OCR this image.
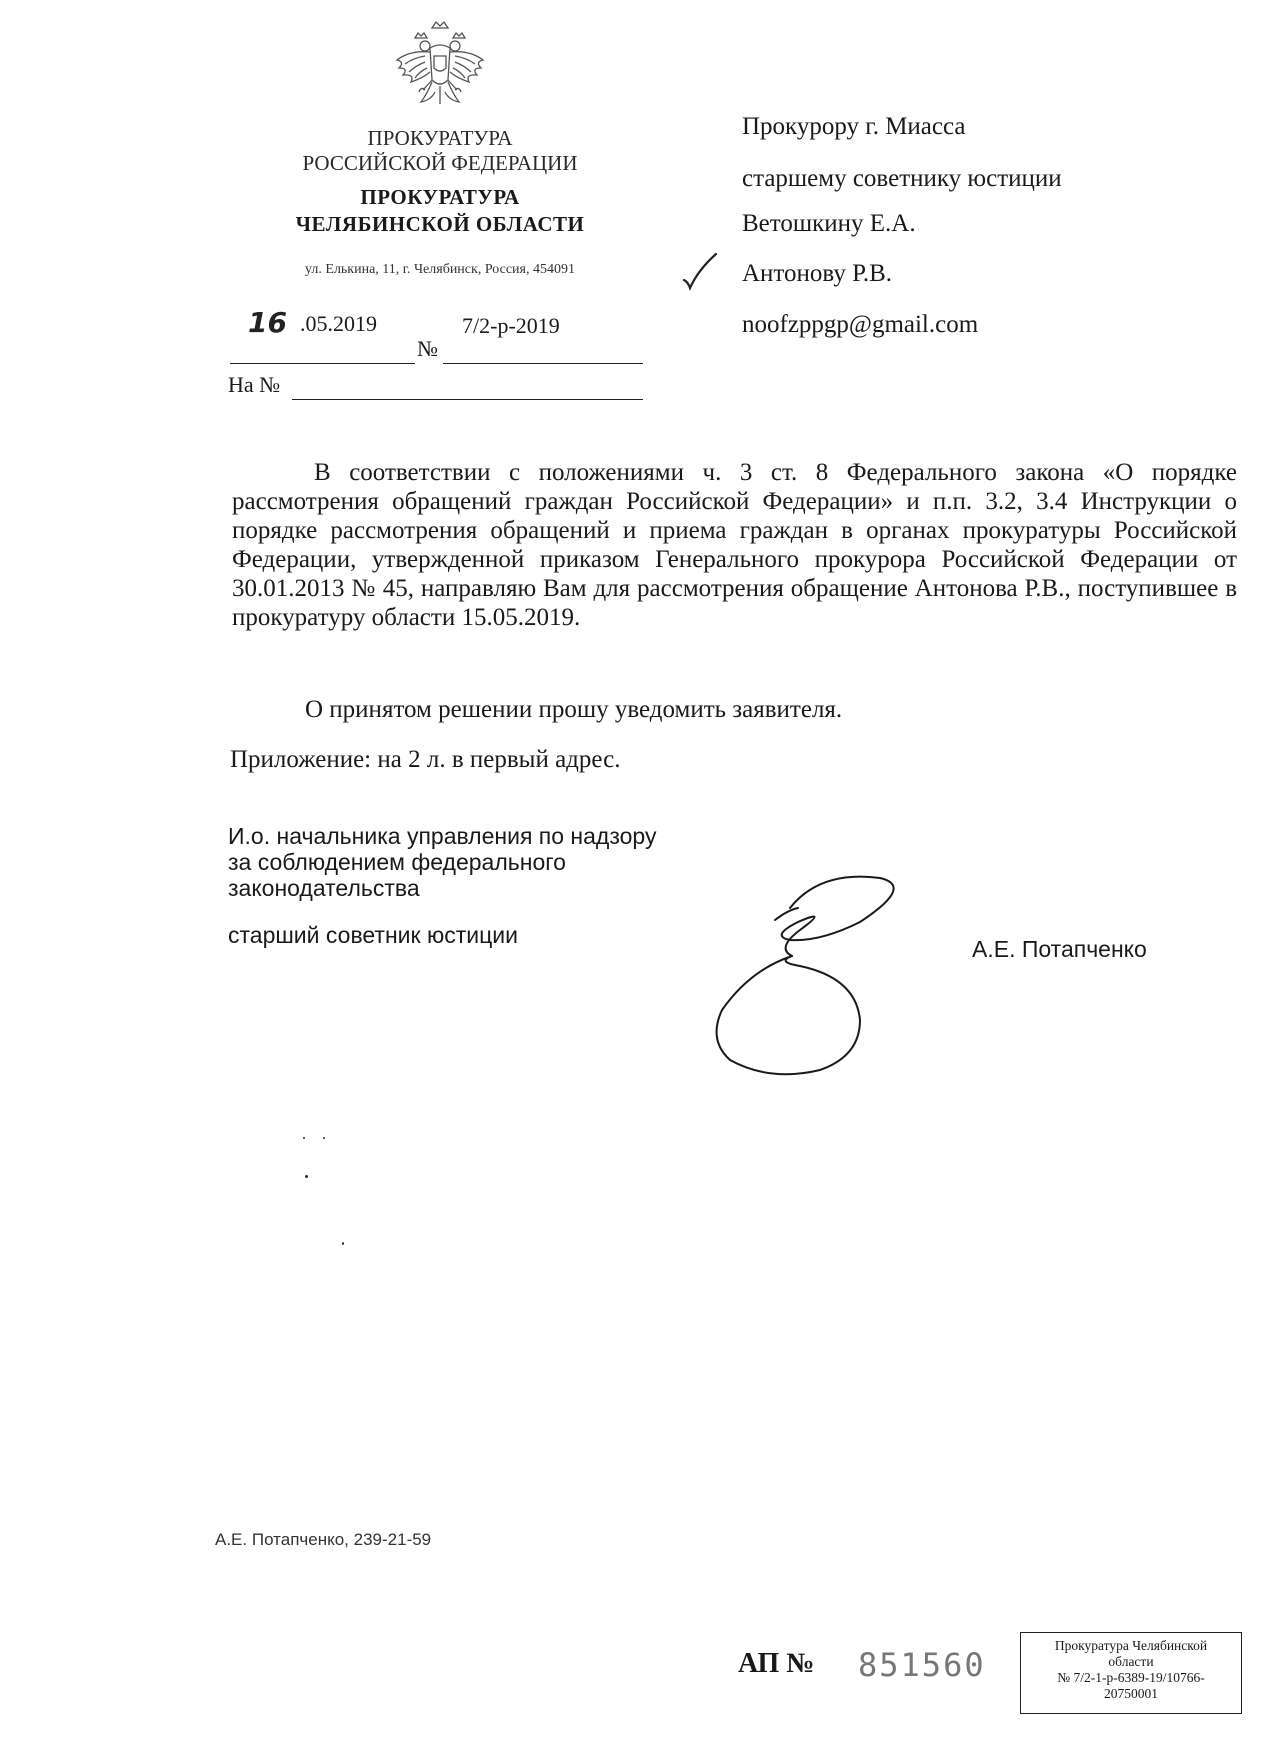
ПРОКУРАТУРА
РОССИЙСКОЙ ФЕДЕРАЦИИ
ПРОКУРАТУРА
ЧЕЛЯБИНСКОЙ ОБЛАСТИ
ул. Елькина, 11, г. Челябинск, Россия, 454091
16 .05.2019
№
7/2-р-2019
На №
Прокурору г. Миасса
старшему советнику юстиции
Ветошкину Е.А.
Антонову Р.В.
noofzppgp@gmail.com
В соответствии с положениями ч. 3 ст. 8 Федерального закона «О порядке рассмотрения обращений граждан Российской Федерации» и п.п. 3.2, 3.4 Инструкции о порядке рассмотрения обращений и приема граждан в органах прокуратуры Российской Федерации, утвержденной приказом Генерального прокурора Российской Федерации от 30.01.2013 № 45, направляю Вам для рассмотрения обращение Антонова Р.В., поступившее в прокуратуру области 15.05.2019.
О принятом решении прошу уведомить заявителя.
Приложение: на 2 л. в первый адрес.
И.о. начальника управления по надзору
за соблюдением федерального
законодательства
старший советник юстиции
А.Е. Потапченко
А.Е. Потапченко, 239-21-59
АП № 851560
Прокуратура Челябинской
области
№ 7/2-1-р-6389-19/10766-
20750001
